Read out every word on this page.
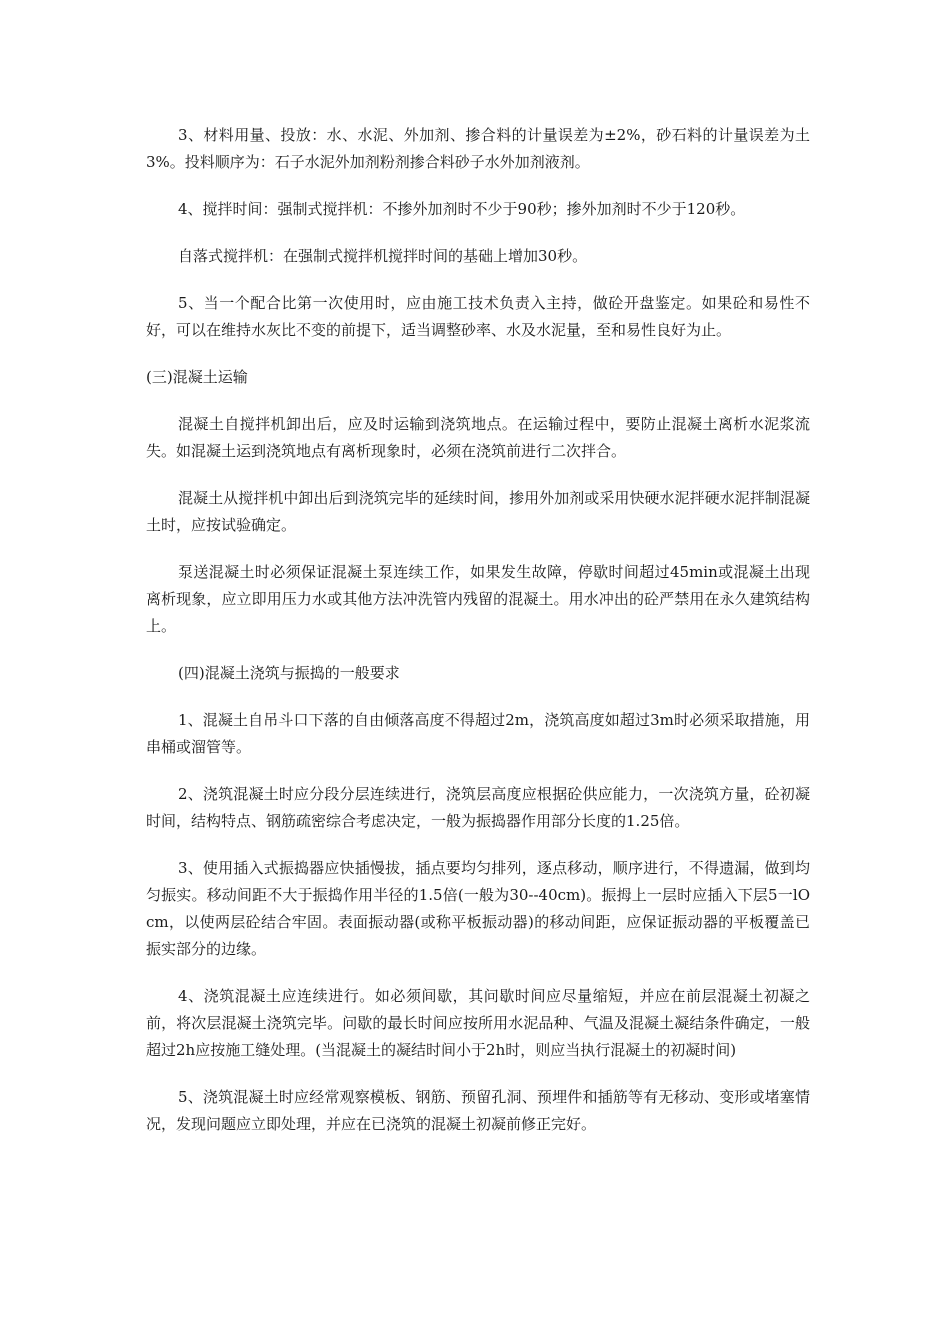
3、材料用量、投放：水、水泥、外加剂、掺合料的计量误差为±2%，砂石料的计量误差为土3%。投料顺序为：石子水泥外加剂粉剂掺合料砂子水外加剂液剂。

4、搅拌时间：强制式搅拌机：不掺外加剂时不少于90秒；掺外加剂时不少于120秒。

自落式搅拌机：在强制式搅拌机搅拌时间的基础上增加30秒。

5、当一个配合比第一次使用时，应由施工技术负责入主持，做砼开盘鉴定。如果砼和易性不好，可以在维持水灰比不变的前提下，适当调整砂率、水及水泥量，至和易性良好为止。

(三)混凝土运输

混凝土自搅拌机卸出后，应及时运输到浇筑地点。在运输过程中，要防止混凝土离析水泥浆流失。如混凝土运到浇筑地点有离析现象时，必须在浇筑前进行二次拌合。

混凝土从搅拌机中卸出后到浇筑完毕的延续时间，掺用外加剂或采用快硬水泥拌硬水泥拌制混凝土时，应按试验确定。

泵送混凝土时必须保证混凝土泵连续工作，如果发生故障，停歇时间超过45min或混凝土出现离析现象，应立即用压力水或其他方法冲洗管内残留的混凝土。用水冲出的砼严禁用在永久建筑结构上。

(四)混凝土浇筑与振捣的一般要求

1、混凝土自吊斗口下落的自由倾落高度不得超过2m，浇筑高度如超过3m时必须采取措施，用串桶或溜管等。

2、浇筑混凝土时应分段分层连续进行，浇筑层高度应根据砼供应能力，一次浇筑方量，砼初凝时间，结构特点、钢筋疏密综合考虑决定，一般为振捣器作用部分长度的1.25倍。

3、使用插入式振捣器应快插慢拔，插点要均匀排列，逐点移动，顺序进行，不得遗漏，做到均匀振实。移动间距不大于振捣作用半径的1.5倍(一般为30--40cm)。振拇上一层时应插入下层5一lOcm，以使两层砼结合牢固。表面振动器(或称平板振动器)的移动间距，应保证振动器的平板覆盖已振实部分的边缘。

4、浇筑混凝土应连续进行。如必须间歇，其问歇时间应尽量缩短，并应在前层混凝土初凝之前，将次层混凝土浇筑完毕。问歇的最长时间应按所用水泥品种、气温及混凝土凝结条件确定，一般超过2h应按施工缝处理。(当混凝土的凝结时间小于2h时，则应当执行混凝土的初凝时间)

5、浇筑混凝土时应经常观察模板、钢筋、预留孔洞、预埋件和插筋等有无移动、变形或堵塞情况，发现问题应立即处理，并应在已浇筑的混凝土初凝前修正完好。
